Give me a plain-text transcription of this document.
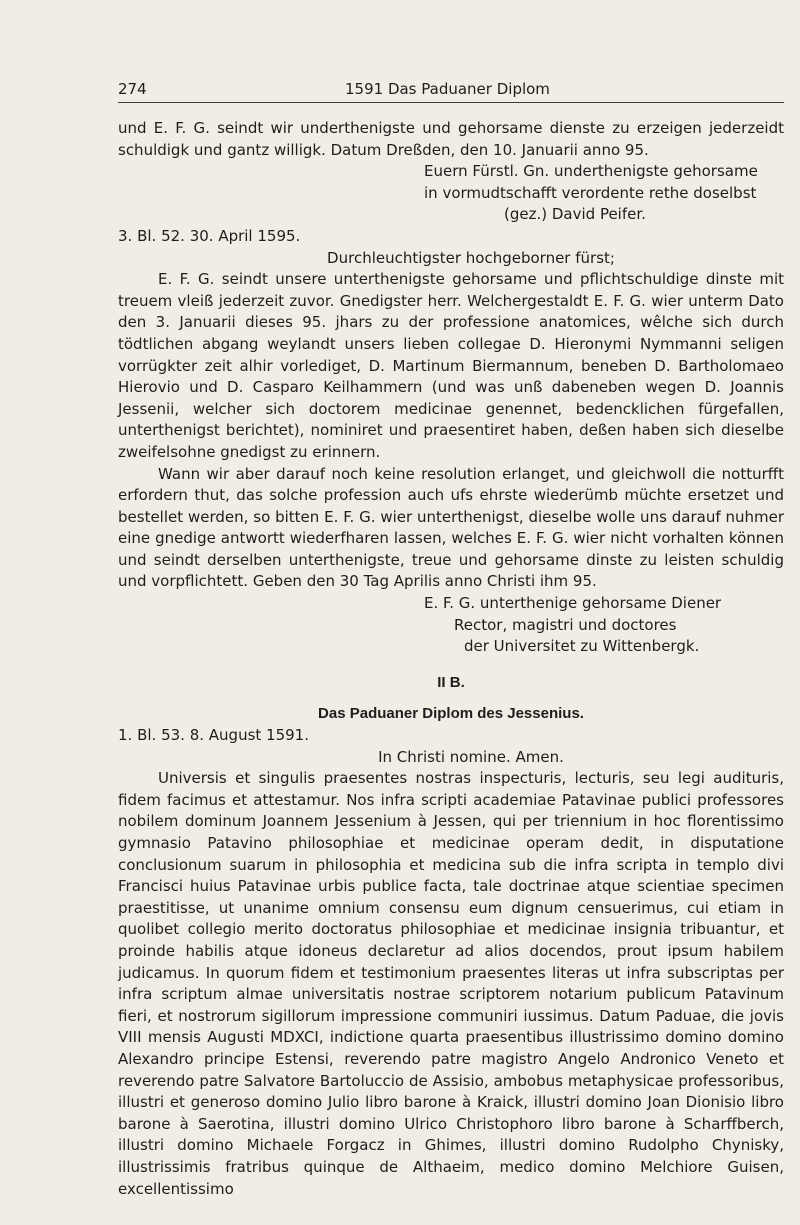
274	1591 Das Paduaner Diplom

und E. F. G. seindt wir underthenigste und gehorsame dienste zu erzeigen jederzeidt schuldigk und gantz willigk. Datum Dreßden, den 10. Januarii anno 95.

Euern Fürstl. Gn. underthenigste gehorsame

in vormudtschafft verordente rethe doselbst

(gez.) David Peifer.

3. Bl. 52. 30. April 1595.

Durchleuchtigster hochgeborner fürst;

E. F. G. seindt unsere unterthenigste gehorsame und pflichtschuldige dinste mit treuem vleiß jederzeit zuvor. Gnedigster herr. Welchergestaldt E. F. G. wier unterm Dato den 3. Januarii dieses 95. jhars zu der professione anatomices, wêlche sich durch tödtlichen abgang weylandt unsers lieben collegae D. Hieronymi Nymmanni seligen vorrügkter zeit alhir vorlediget, D. Martinum Biermannum, beneben D. Bartholomaeo Hierovio und D. Casparo Keilhammern (und was unß dabeneben wegen D. Joannis Jessenii, welcher sich doctorem medicinae genennet, bedencklichen fürgefallen, unterthenigst berichtet), nominiret und praesentiret haben, deßen haben sich dieselbe zweifelsohne gnedigst zu erinnern.

Wann wir aber darauf noch keine resolution erlanget, und gleichwoll die notturfft erfordern thut, das solche profession auch ufs ehrste wiederümb müchte ersetzet und bestellet werden, so bitten E. F. G. wier unterthenigst, dieselbe wolle uns darauf nuhmer eine gnedige antwortt wiederfharen lassen, welches E. F. G. wier nicht vorhalten können und seindt derselben unterthenigste, treue und gehorsame dinste zu leisten schuldig und vorpflichtett. Geben den 30 Tag Aprilis anno Christi ihm 95.

E. F. G. unterthenige gehorsame Diener

Rector, magistri und doctores

der Universitet zu Wittenbergk.

II B.

Das Paduaner Diplom des Jessenius.

1. Bl. 53. 8. August 1591.

In Christi nomine. Amen.

Universis et singulis praesentes nostras inspecturis, lecturis, seu legi audituris, fidem facimus et attestamur. Nos infra scripti academiae Patavinae publici professores nobilem dominum Joannem Jessenium à Jessen, qui per triennium in hoc florentissimo gymnasio Patavino philosophiae et medicinae operam dedit, in disputatione conclusionum suarum in philosophia et medicina sub die infra scripta in templo divi Francisci huius Patavinae urbis publice facta, tale doctrinae atque scientiae specimen praestitisse, ut unanime omnium consensu eum dignum censuerimus, cui etiam in quolibet collegio merito doctoratus philosophiae et medicinae insignia tribuantur, et proinde habilis atque idoneus declaretur ad alios docendos, prout ipsum habilem judicamus. In quorum fidem et testimonium praesentes literas ut infra subscriptas per infra scriptum almae universitatis nostrae scriptorem notarium publicum Patavinum fieri, et nostrorum sigillorum impressione communiri iussimus. Datum Paduae, die jovis VIII mensis Augusti MDXCI, indictione quarta praesentibus illustrissimo domino domino Alexandro principe Estensi, reverendo patre magistro Angelo Andronico Veneto et reverendo patre Salvatore Bartoluccio de Assisio, ambobus metaphysicae professoribus, illustri et generoso domino Julio libro barone à Kraick, illustri domino Joan Dionisio libro barone à Saerotina, illustri domino Ulrico Christophoro libro barone à Scharffberch, illustri domino Michaele Forgacz in Ghimes, illustri domino Rudolpho Chynisky, illustrissimis fratribus quinque de Althaeim, medico domino Melchiore Guisen, excellentissimo
